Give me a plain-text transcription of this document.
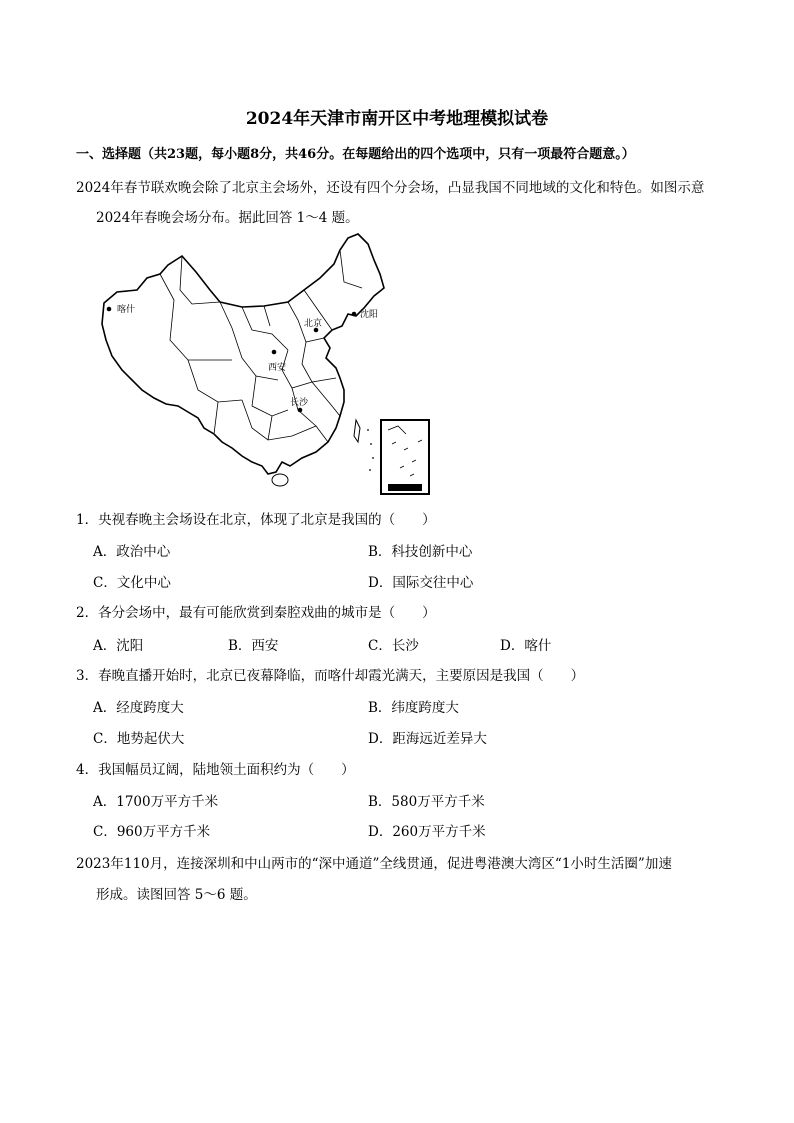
2024年天津市南开区中考地理模拟试卷
一、选择题（共23题，每小题8分，共46分。在每题给出的四个选项中，只有一项最符合题意。）
2024年春节联欢晚会除了北京主会场外，还设有四个分会场，凸显我国不同地域的文化和特色。如图示意
2024年春晚会场分布。据此回答 1～4 题。
喀什
北京
沈阳
西安
长沙
1．央视春晚主会场设在北京，体现了北京是我国的（　　）
A．政治中心	B．科技创新中心
C．文化中心	D．国际交往中心
2．各分会场中，最有可能欣赏到秦腔戏曲的城市是（　　）
A．沈阳	B．西安	C．长沙	D．喀什
3．春晚直播开始时，北京已夜幕降临，而喀什却霞光满天，主要原因是我国（　　）
A．经度跨度大	B．纬度跨度大
C．地势起伏大	D．距海远近差异大
4．我国幅员辽阔，陆地领土面积约为（　　）
A．1700万平方千米	B．580万平方千米
C．960万平方千米	D．260万平方千米
2023年110月，连接深圳和中山两市的“深中通道”全线贯通，促进粤港澳大湾区“1小时生活圈”加速
形成。读图回答 5～6 题。
